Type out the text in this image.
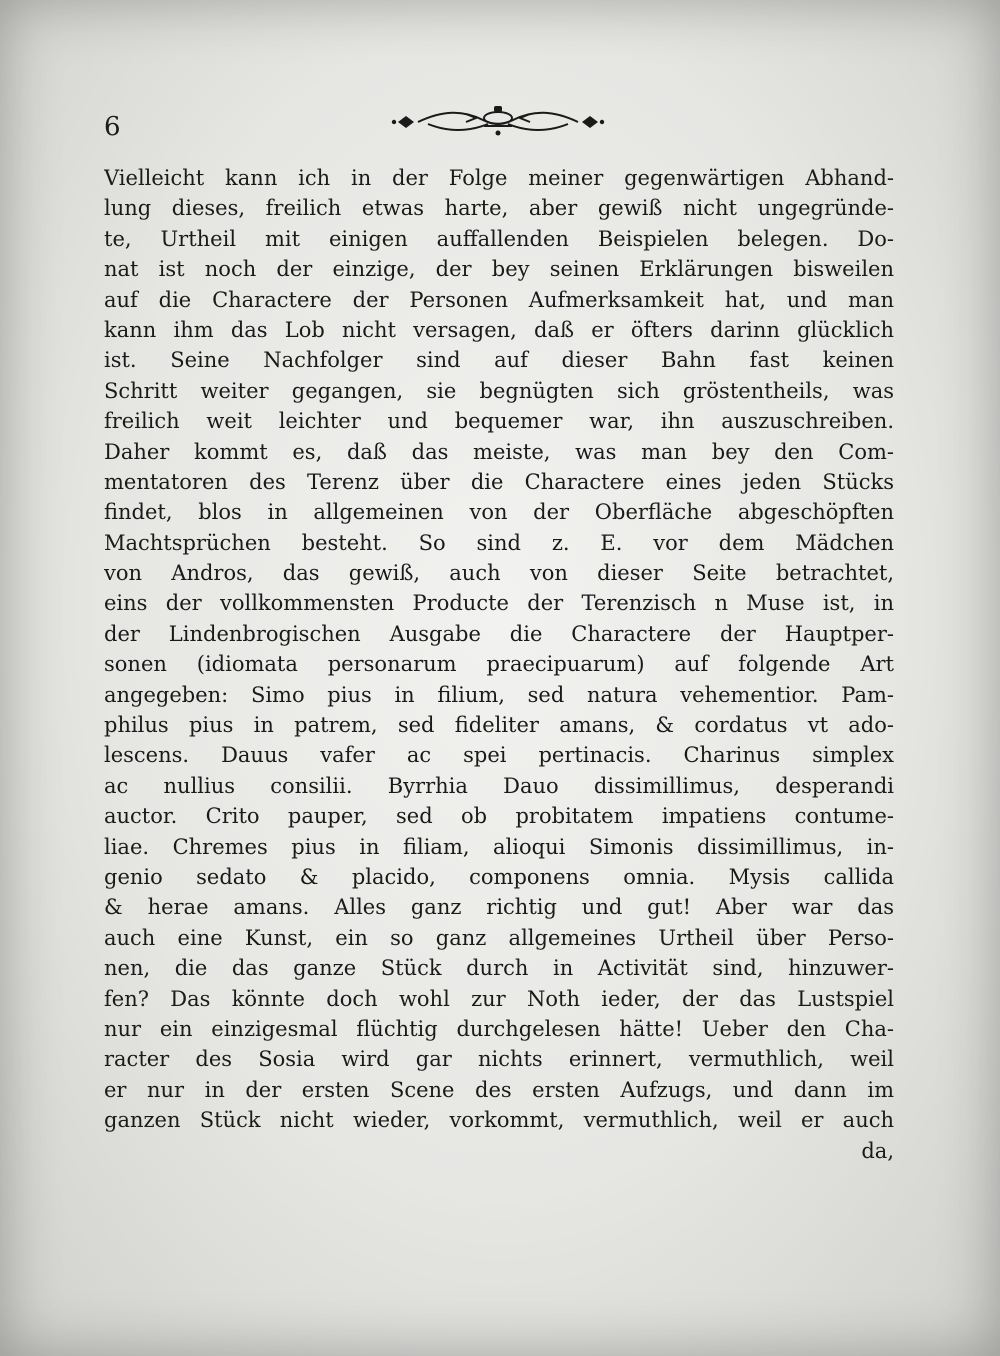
6
Vielleicht kann ich in der Folge meiner gegenwärtigen Abhand-
lung dieses, freilich etwas harte, aber gewiß nicht ungegründe-
te, Urtheil mit einigen auffallenden Beispielen belegen. Do-
nat ist noch der einzige, der bey seinen Erklärungen bisweilen
auf die Charactere der Personen Aufmerksamkeit hat, und man
kann ihm das Lob nicht versagen, daß er öfters darinn glücklich
ist. Seine Nachfolger sind auf dieser Bahn fast keinen
Schritt weiter gegangen, sie begnügten sich gröstentheils, was
freilich weit leichter und bequemer war, ihn auszuschreiben.
Daher kommt es, daß das meiste, was man bey den Com-
mentatoren des Terenz über die Charactere eines jeden Stücks
findet, blos in allgemeinen von der Oberfläche abgeschöpften
Machtsprüchen besteht. So sind z. E. vor dem Mädchen
von Andros, das gewiß, auch von dieser Seite betrachtet,
eins der vollkommensten Producte der Terenzisch n Muse ist, in
der Lindenbrogischen Ausgabe die Charactere der Hauptper-
sonen (idiomata personarum praecipuarum) auf folgende Art
angegeben: Simo pius in filium, sed natura vehementior. Pam-
philus pius in patrem, sed fideliter amans, & cordatus vt ado-
lescens. Dauus vafer ac spei pertinacis. Charinus simplex
ac nullius consilii. Byrrhia Dauo dissimillimus, desperandi
auctor. Crito pauper, sed ob probitatem impatiens contume-
liae. Chremes pius in filiam, alioqui Simonis dissimillimus, in-
genio sedato & placido, componens omnia. Mysis callida
& herae amans. Alles ganz richtig und gut! Aber war das
auch eine Kunst, ein so ganz allgemeines Urtheil über Perso-
nen, die das ganze Stück durch in Activität sind, hinzuwer-
fen? Das könnte doch wohl zur Noth ieder, der das Lustspiel
nur ein einzigesmal flüchtig durchgelesen hätte! Ueber den Cha-
racter des Sosia wird gar nichts erinnert, vermuthlich, weil
er nur in der ersten Scene des ersten Aufzugs, und dann im
ganzen Stück nicht wieder, vorkommt, vermuthlich, weil er auch
da,
